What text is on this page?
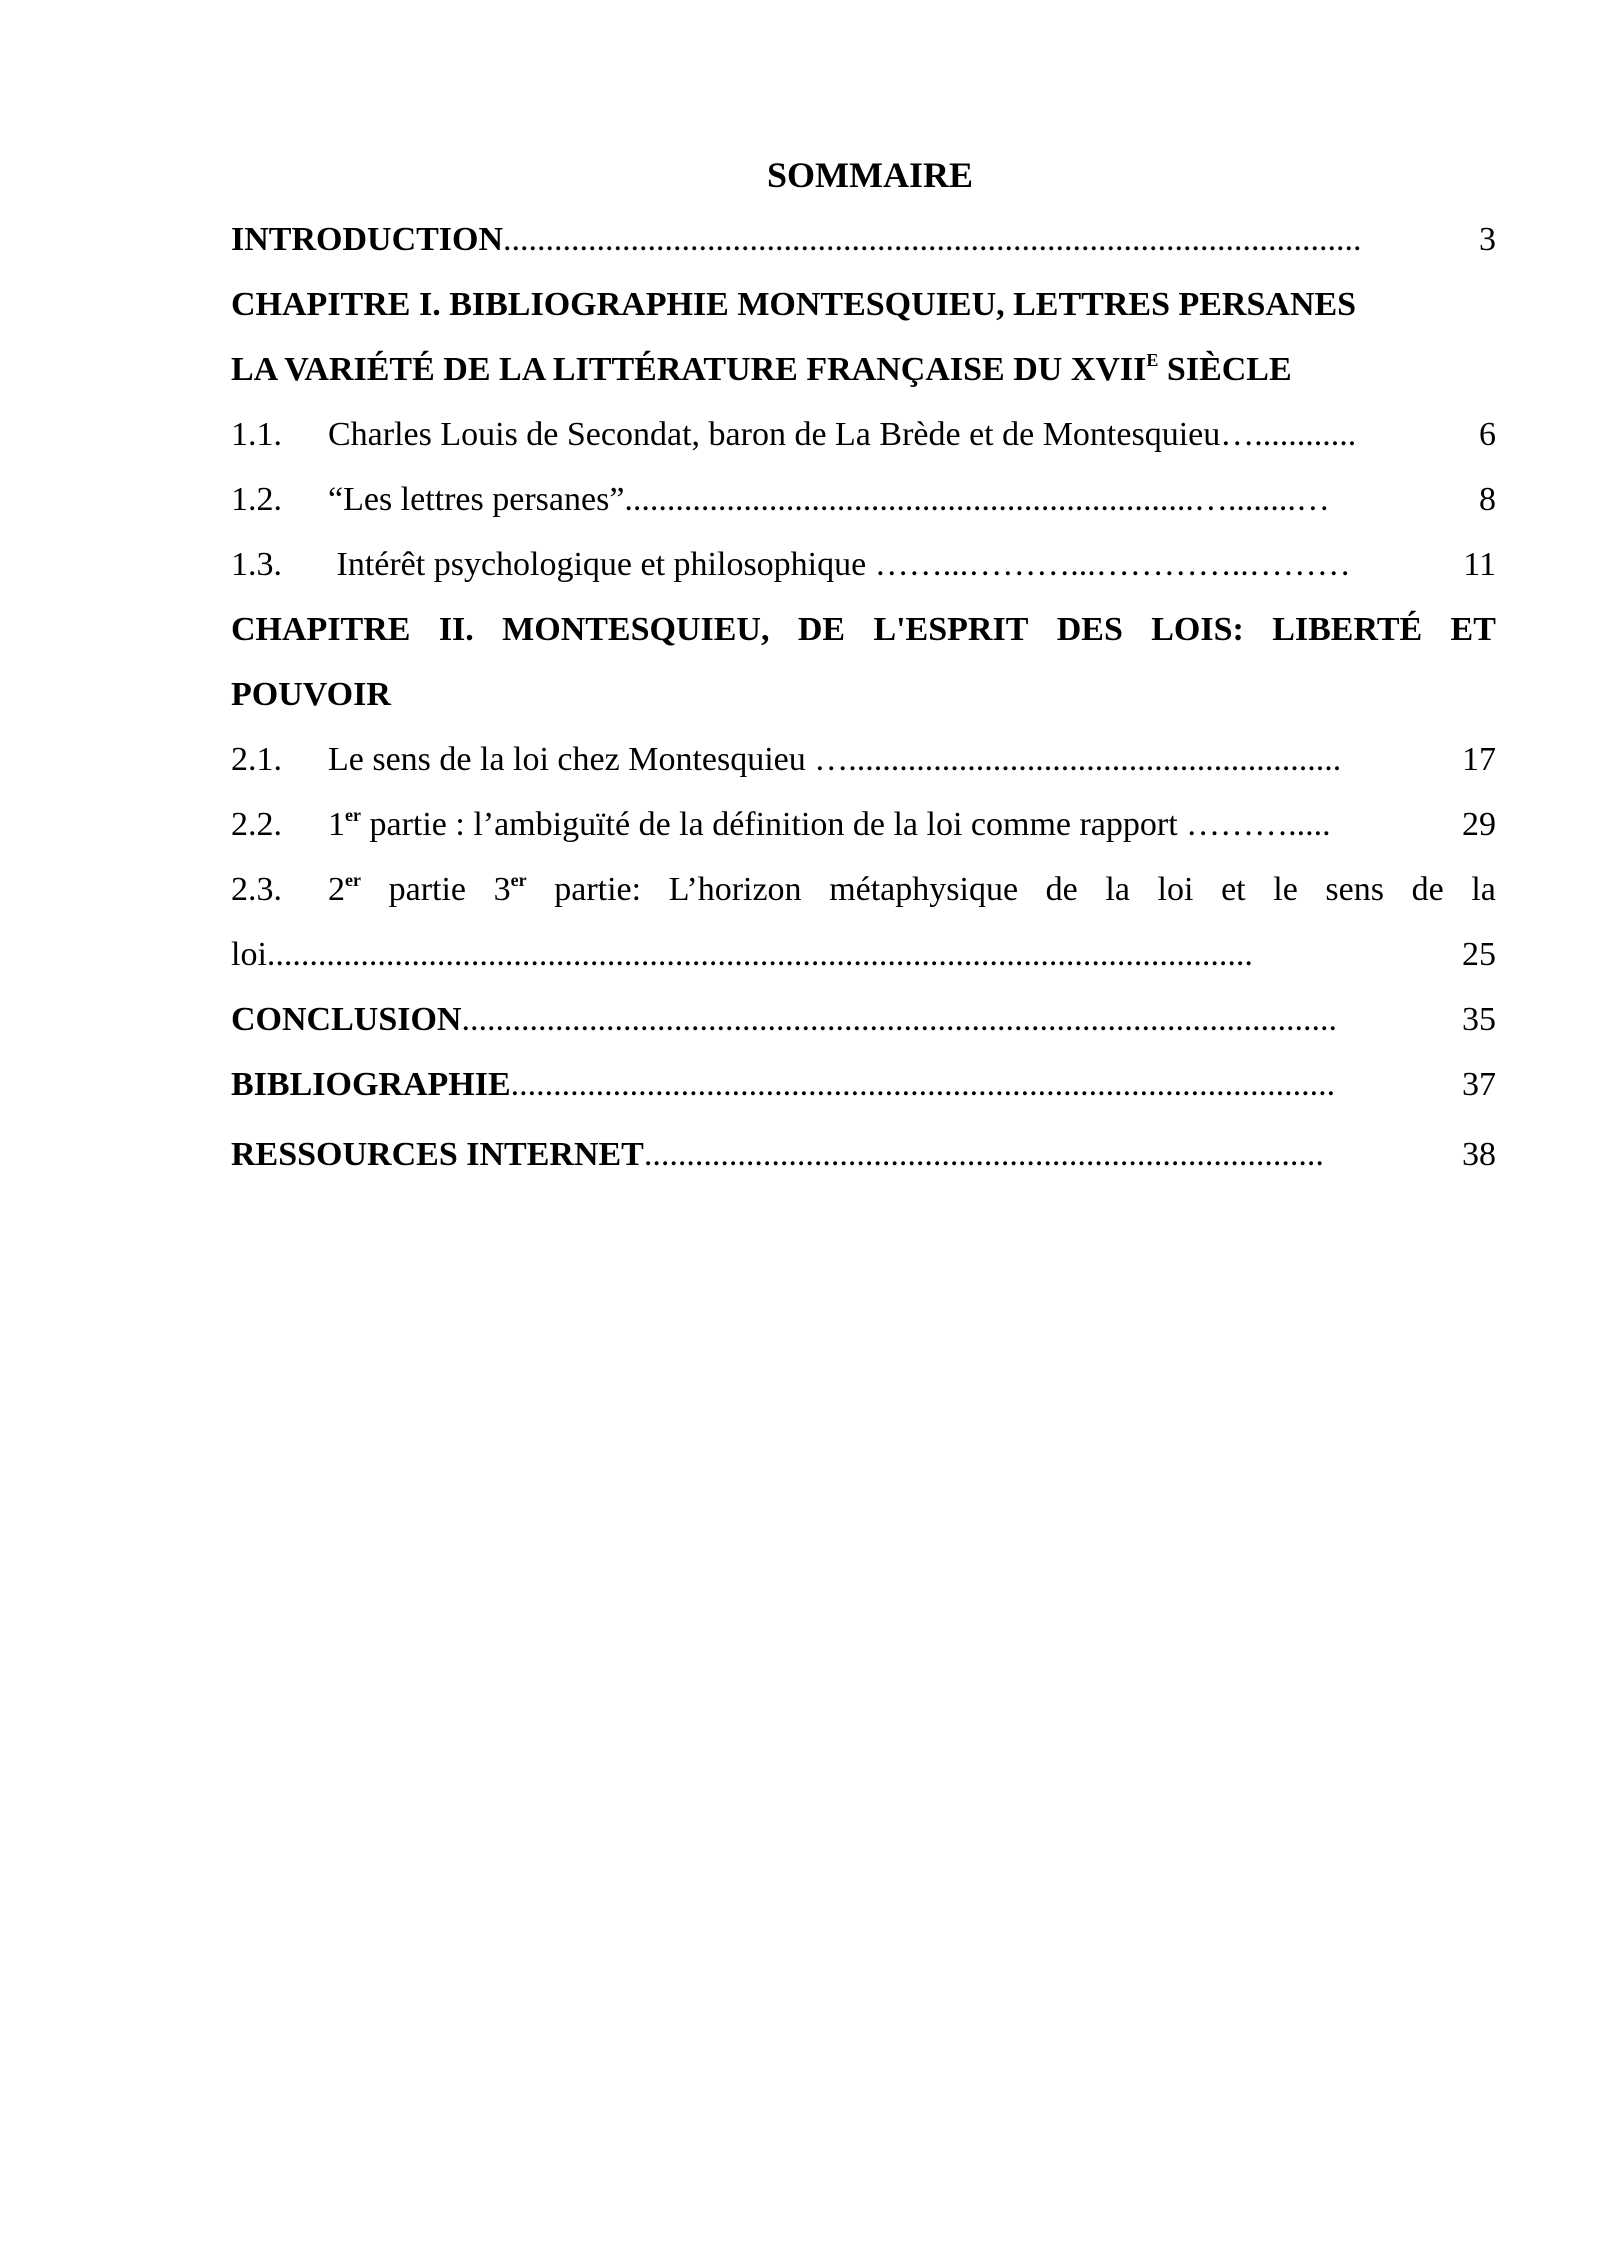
SOMMAIRE
INTRODUCTION .....................................................................................................	3
CHAPITRE I. BIBLIOGRAPHIE MONTESQUIEU, LETTRES PERSANES
LA VARIÉTÉ DE LA LITTÉRATURE FRANÇAISE DU $XVII^E$ SIÈCLE
1.1.	Charles Louis de Secondat, baron de La Brède et de Montesquieu …............	6
1.2.	“Les lettres persanes” ...................................................................…........…	8
1.3.	Intérêt psychologique et philosophique ……...………...…………..………	11
CHAPITRE II. MONTESQUIEU, DE L'ESPRIT DES LOIS: LIBERTÉ ET
POUVOIR
2.1.	Le sens de la loi chez Montesquieu …..........................................................	17
2.2.	1er partie : l’ambiguïté de la définition de la loi comme rapport ……….....	29
2.3.	2er partie 3er partie: L’horizon métaphysique de la loi et le sens de la
loi ....................................................................................................................	25
CONCLUSION .......................................................................................................	35
BIBLIOGRAPHIE .................................................................................................	37
RESSOURCES INTERNET ................................................................................	38
